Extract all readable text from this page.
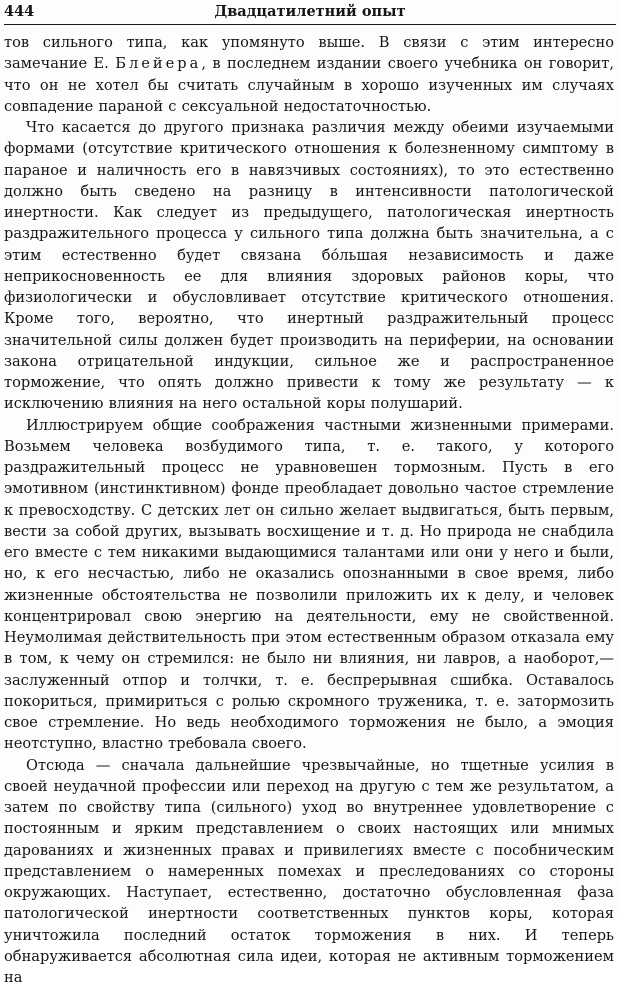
444	Двадцатилетний опыт

тов сильного типа, как упомянуто выше. В связи с этим интересно замечание Е. Блейера, в последнем издании своего учебника он говорит, что он не хотел бы считать случайным в хорошо изученных им случаях совпадение параной с сексуальной недостаточностью.

Что касается до другого признака различия между обеими изучаемыми формами (отсутствие критического отношения к болезненному симптому в параное и наличность его в навязчивых состояниях), то это естественно должно быть сведено на разницу в интенсивности патологической инертности. Как следует из предыдущего, патологическая инертность раздражительного процесса у сильного типа должна быть значительна, а с этим естественно будет связана бо́льшая независимость и даже неприкосновенность ее для влияния здоровых районов коры, что физиологически и обусловливает отсутствие критического отношения. Кроме того, вероятно, что инертный раздражительный процесс значительной силы должен будет производить на периферии, на основании закона отрицательной индукции, сильное же и распространенное торможение, что опять должно привести к тому же результату — к исключению влияния на него остальной коры полушарий.

Иллюстрируем общие соображения частными жизненными примерами. Возьмем человека возбудимого типа, т. е. такого, у которого раздражительный процесс не уравновешен тормозным. Пусть в его эмотивном (инстинктивном) фонде преобладает довольно частое стремление к превосходству. С детских лет он сильно желает выдвигаться, быть первым, вести за собой других, вызывать восхищение и т. д. Но природа не снабдила его вместе с тем никакими выдающимися талантами или они у него и были, но, к его несчастью, либо не оказались опознанными в свое время, либо жизненные обстоятельства не позволили приложить их к делу, и человек концентрировал свою энергию на деятельности, ему не свойственной. Неумолимая действительность при этом естественным образом отказала ему в том, к чему он стремился: не было ни влияния, ни лавров, а наоборот,— заслуженный отпор и толчки, т. е. беспрерывная сшибка. Оставалось покориться, примириться с ролью скромного труженика, т. е. затормозить свое стремление. Но ведь необходимого торможения не было, а эмоция неотступно, властно требовала своего.

Отсюда — сначала дальнейшие чрезвычайные, но тщетные усилия в своей неудачной профессии или переход на другую с тем же результатом, а затем по свойству типа (сильного) уход во внутреннее удовлетворение с постоянным и ярким представлением о своих настоящих или мнимых дарованиях и жизненных правах и привилегиях вместе с пособническим представлением о намеренных помехах и преследованиях со стороны окружающих. Наступает, естественно, достаточно обусловленная фаза патологической инертности соответственных пунктов коры, которая уничтожила последний остаток торможения в них. И теперь обнаруживается абсолютная сила идеи, которая не активным торможением на
